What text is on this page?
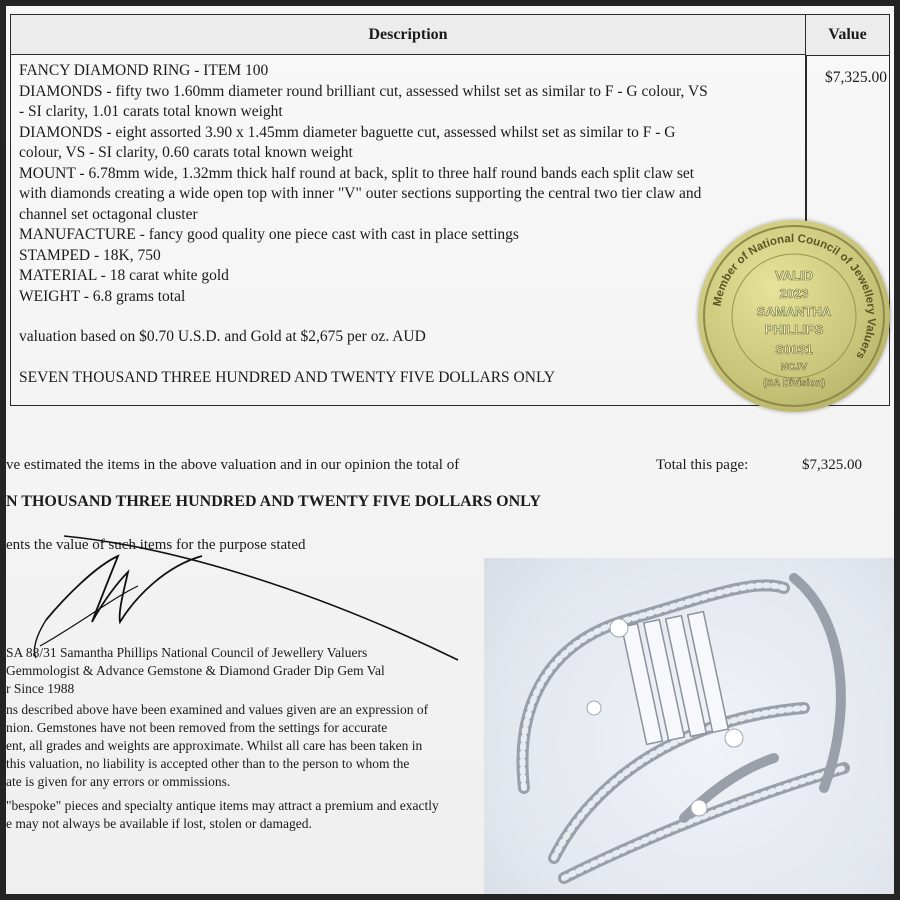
Description	Value
FANCY DIAMOND RING - ITEM 100
DIAMONDS - fifty two 1.60mm diameter round brilliant cut, assessed whilst set as similar to F - G colour, VS
- SI clarity, 1.01 carats total known weight
DIAMONDS - eight assorted 3.90 x 1.45mm diameter baguette cut, assessed whilst set as similar to F - G
colour, VS - SI clarity, 0.60 carats total known weight
MOUNT - 6.78mm wide, 1.32mm thick half round at back, split to three half round bands each split claw set
with diamonds creating a wide open top with inner "V" outer sections supporting the central two tier claw and
channel set octagonal cluster
MANUFACTURE - fancy good quality one piece cast with cast in place settings
STAMPED - 18K, 750
MATERIAL - 18 carat white gold
WEIGHT - 6.8 grams total
valuation based on $0.70 U.S.D. and Gold at $2,675 per oz. AUD
SEVEN THOUSAND THREE HUNDRED AND TWENTY FIVE DOLLARS ONLY
$7,325.00
Member of National Council of Jewellery Valuers
VALID
2023
SAMANTHA
PHILLIPS
S0031
NCJV
(SA Division)
ve estimated the items in the above valuation and in our opinion the total of	Total this page:	$7,325.00
N THOUSAND THREE HUNDRED AND TWENTY FIVE DOLLARS ONLY
ents the value of such items for the purpose stated
SA 88/31 Samantha Phillips National Council of Jewellery Valuers
Gemmologist & Advance Gemstone & Diamond Grader Dip Gem Val
r Since 1988
ns described above have been examined and values given are an expression of
nion. Gemstones have not been removed from the settings for accurate
ent, all grades and weights are approximate. Whilst all care has been taken in
this valuation, no liability is accepted other than to the person to whom the
ate is given for any errors or ommissions.
"bespoke" pieces and specialty antique items may attract a premium and exactly
e may not always be available if lost, stolen or damaged.
